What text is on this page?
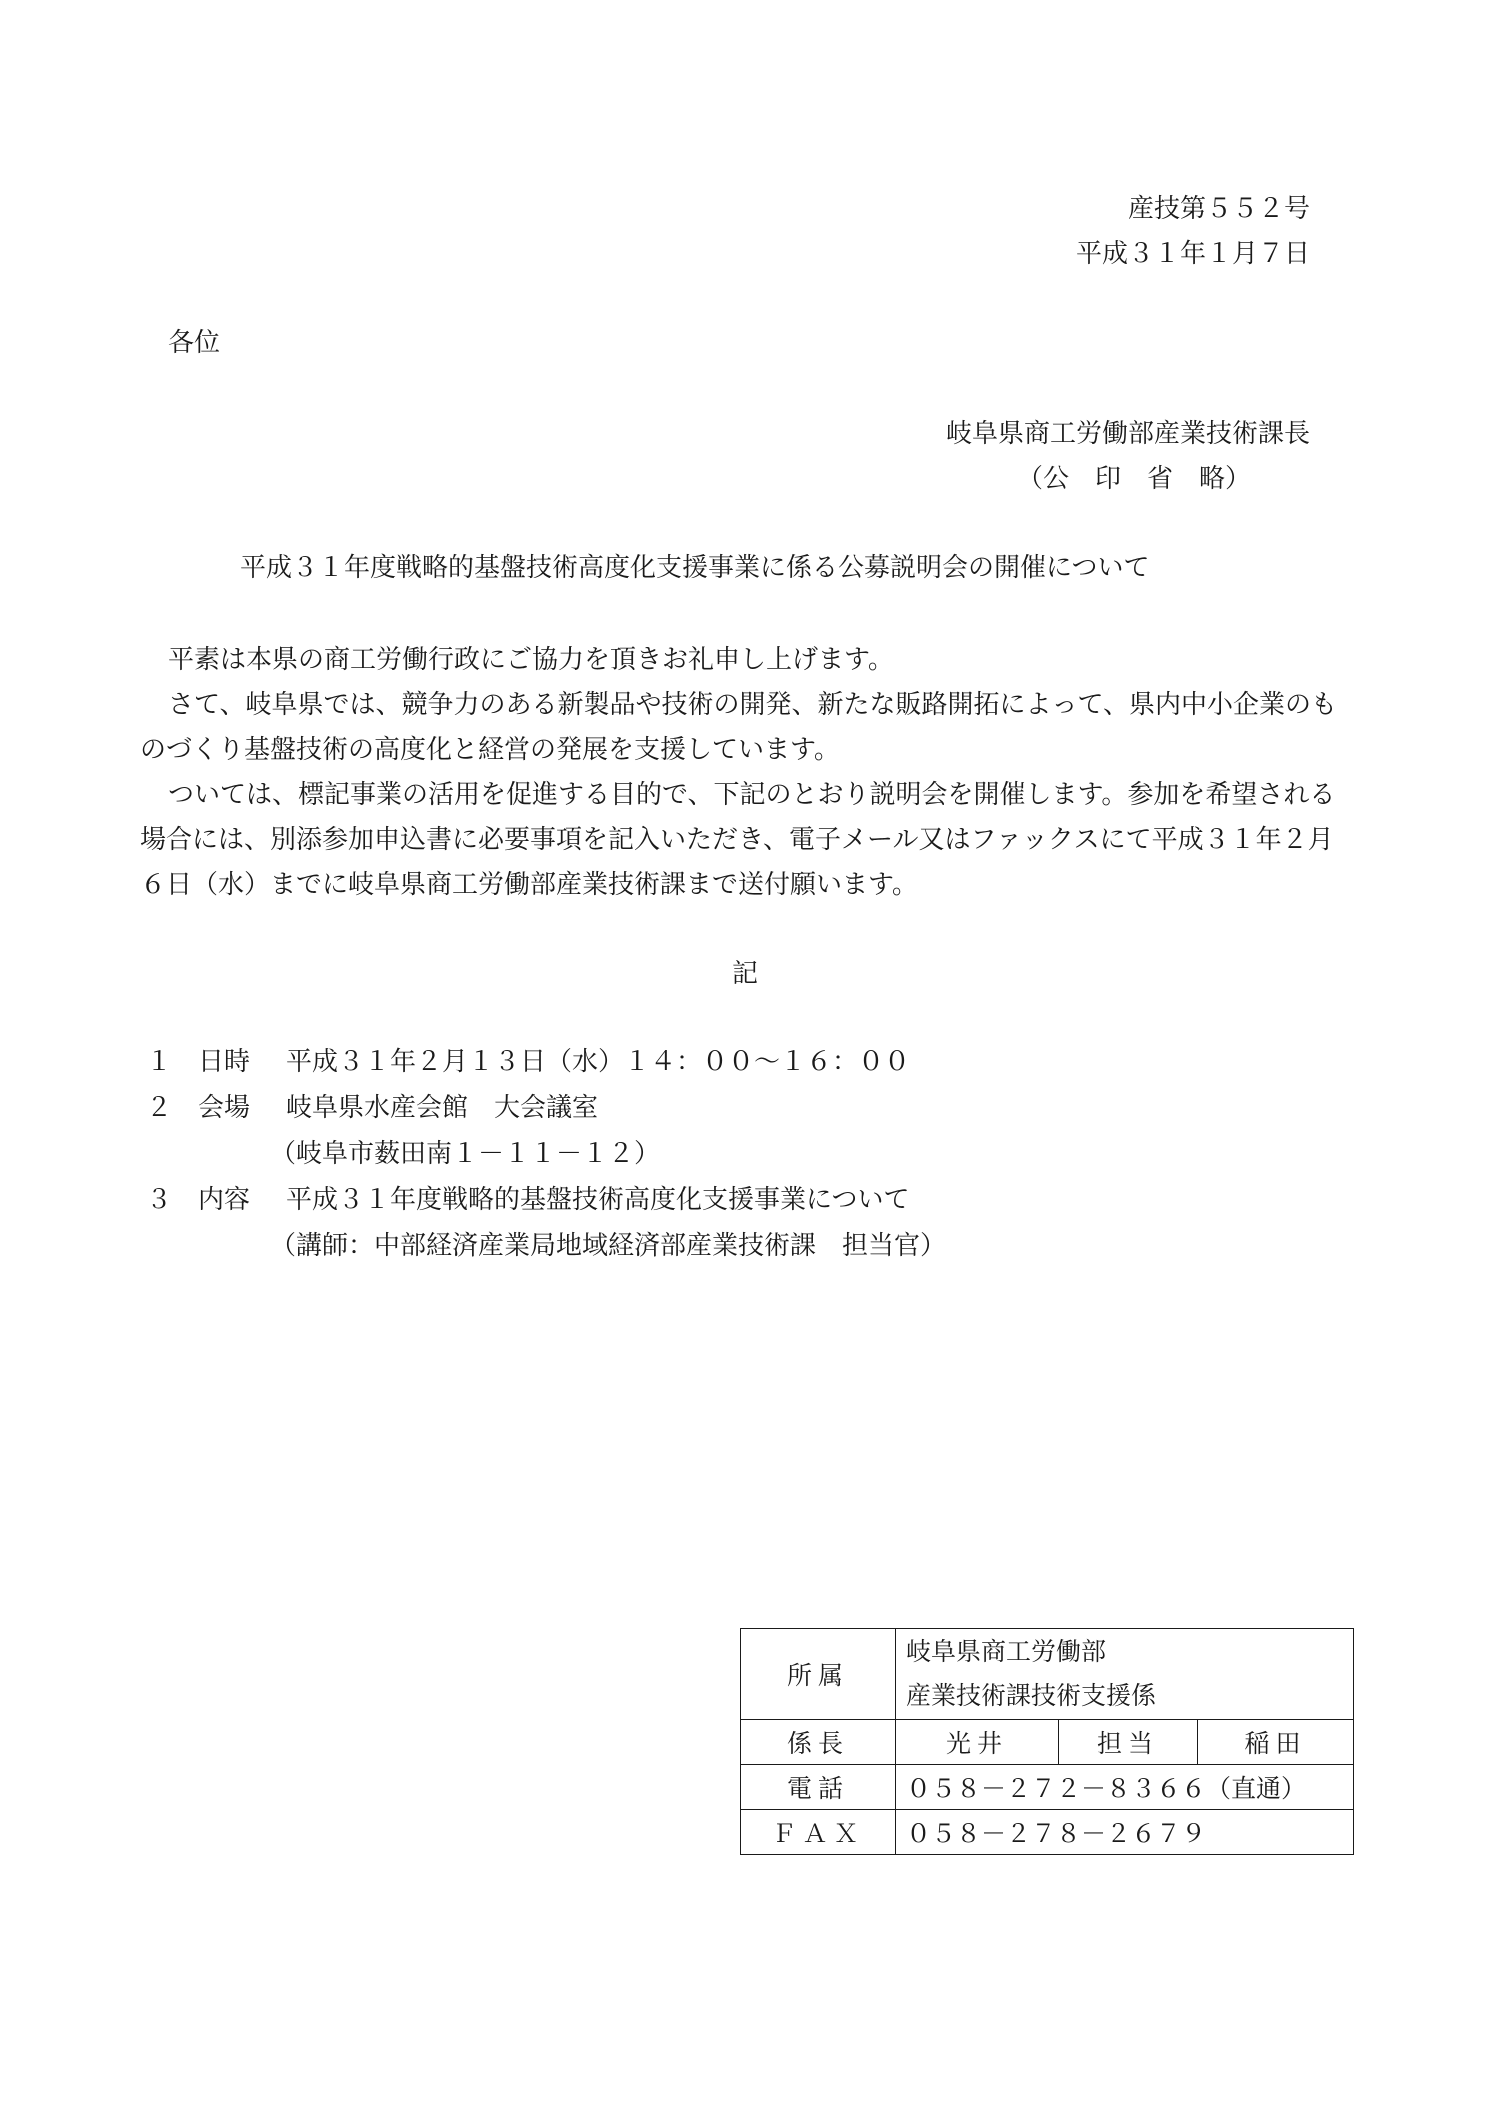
産技第５５２号
平成３１年１月７日
各位
岐阜県商工労働部産業技術課長
（公　印　省　略）
平成３１年度戦略的基盤技術高度化支援事業に係る公募説明会の開催について

平素は本県の商工労働行政にご協力を頂きお礼申し上げます。

さて、岐阜県では、競争力のある新製品や技術の開発、新たな販路開拓によって、県内中小企業のものづくり基盤技術の高度化と経営の発展を支援しています。

ついては、標記事業の活用を促進する目的で、下記のとおり説明会を開催します。参加を希望される場合には、別添参加申込書に必要事項を記入いただき、電子メール又はファックスにて平成３１年２月６日（水）までに岐阜県商工労働部産業技術課まで送付願います。

記
１ 日時	平成３１年２月１３日（水）１４：００～１６：００
２ 会場	岐阜県水産会館　大会議室
（岐阜市薮田南１－１１－１２）
３ 内容	平成３１年度戦略的基盤技術高度化支援事業について
（講師：中部経済産業局地域経済部産業技術課　担当官）
所属	岐阜県商工労働部
産業技術課技術支援係		

係長	光井	担当	稲田
電話	０５８－２７２－８３６６（直通）		
ＦＡＸ	０５８－２７８－２６７９		
